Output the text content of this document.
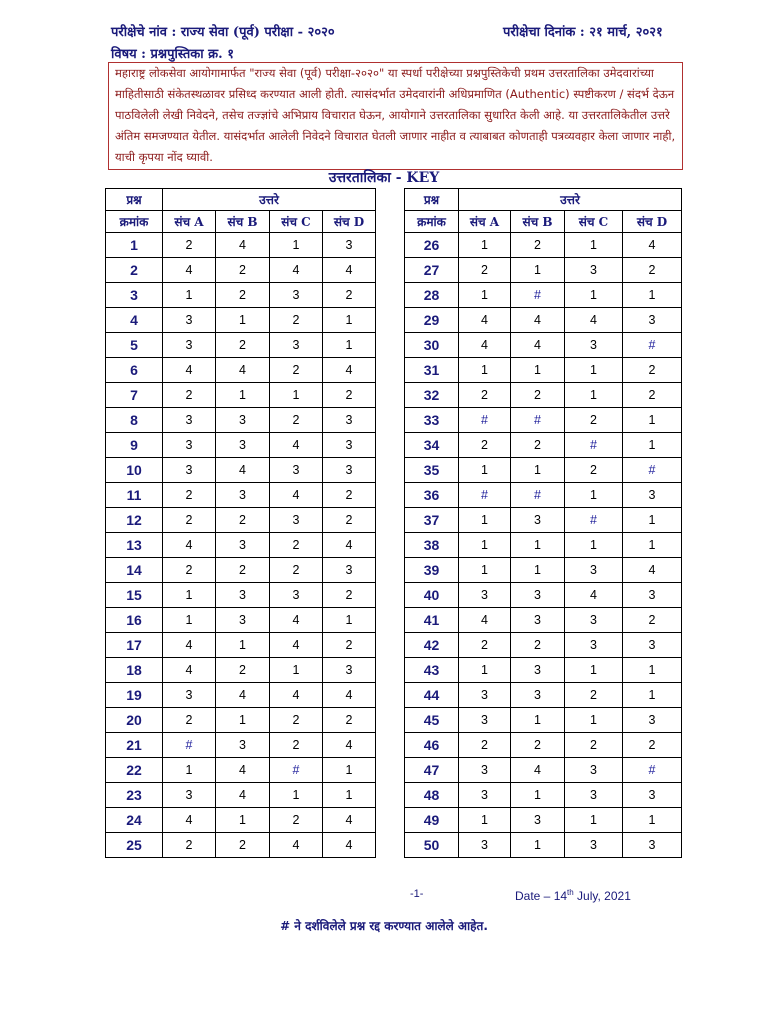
परीक्षेचे नांव : राज्य सेवा (पूर्व) परीक्षा - २०२०	परीक्षेचा दिनांक : २१ मार्च, २०२१
विषय : प्रश्नपुस्तिका क्र. १
महाराष्ट्र लोकसेवा आयोगामार्फत "राज्य सेवा (पूर्व) परीक्षा-२०२०" या स्पर्धा परीक्षेच्या प्रश्नपुस्तिकेची प्रथम उत्तरतालिका उमेदवारांच्या माहितीसाठी संकेतस्थळावर प्रसिध्द करण्यात आली होती. त्यासंदर्भात उमेदवारांनी अधिप्रमाणित (Authentic) स्पष्टीकरण / संदर्भ देऊन पाठविलेली लेखी निवेदने, तसेच तज्ज्ञांचे अभिप्राय विचारात घेऊन, आयोगाने उत्तरतालिका सुधारित केली आहे. या उत्तरतालिकेतील उत्तरे अंतिम समजण्यात येतील. यासंदर्भात आलेली निवेदने विचारात घेतली जाणार नाहीत व त्याबाबत कोणताही पत्रव्यवहार केला जाणार नाही, याची कृपया नोंद घ्यावी.
उत्तरतालिका - KEY
प्रश्न	उत्तरे			
क्रमांक	संच A	संच B	संच C	संच D
1	2	4	1	3
2	4	2	4	4
3	1	2	3	2
4	3	1	2	1
5	3	2	3	1
6	4	4	2	4
7	2	1	1	2
8	3	3	2	3
9	3	3	4	3
10	3	4	3	3
11	2	3	4	2
12	2	2	3	2
13	4	3	2	4
14	2	2	2	3
15	1	3	3	2
16	1	3	4	1
17	4	1	4	2
18	4	2	1	3
19	3	4	4	4
20	2	1	2	2
21	#	3	2	4
22	1	4	#	1
23	3	4	1	1
24	4	1	2	4
25	2	2	4	4
प्रश्न	उत्तरे			
क्रमांक	संच A	संच B	संच C	संच D
26	1	2	1	4
27	2	1	3	2
28	1	#	1	1
29	4	4	4	3
30	4	4	3	#
31	1	1	1	2
32	2	2	1	2
33	#	#	2	1
34	2	2	#	1
35	1	1	2	#
36	#	#	1	3
37	1	3	#	1
38	1	1	1	1
39	1	1	3	4
40	3	3	4	3
41	4	3	3	2
42	2	2	3	3
43	1	3	1	1
44	3	3	2	1
45	3	1	1	3
46	2	2	2	2
47	3	4	3	#
48	3	1	3	3
49	1	3	1	1
50	3	1	3	3
-1-	Date – 14th July, 2021
# ने दर्शविलेले प्रश्न रद्द करण्यात आलेले आहेत.
